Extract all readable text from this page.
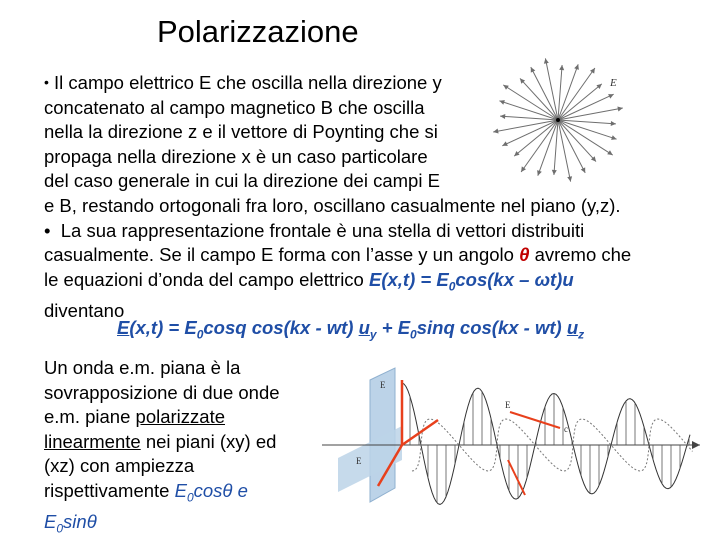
Polarizzazione
E
• Il campo elettrico E che oscilla nella direzione y
concatenato al campo magnetico B che oscilla
nella la direzione z e il vettore di Poynting che si
propaga nella direzione x è un caso particolare
del caso generale in cui la direzione dei campi E
e B, restando ortogonali fra loro, oscillano casualmente nel piano (y,z).
• La sua rappresentazione frontale è una stella di vettori distribuiti
casualmente. Se il campo E forma con l’asse y un angolo θ avremo che
le equazioni d’onda del campo elettrico $E(x,t) = E_0\cos(kx - \omega t)u$
diventano
$E(x,t) = E_0\cos q$ cos(kx - wt) $u_y + E_0\sin q$ cos(kx - wt) $u_z$
Un onda e.m. piana è la
sovrapposizione di due onde
e.m. piane polarizzate
linearmente nei piani (xy) ed
(xz) con ampiezza
rispettivamente $E_0\cos\theta$ e
$E_0\sin\theta$
E
E
c
E
